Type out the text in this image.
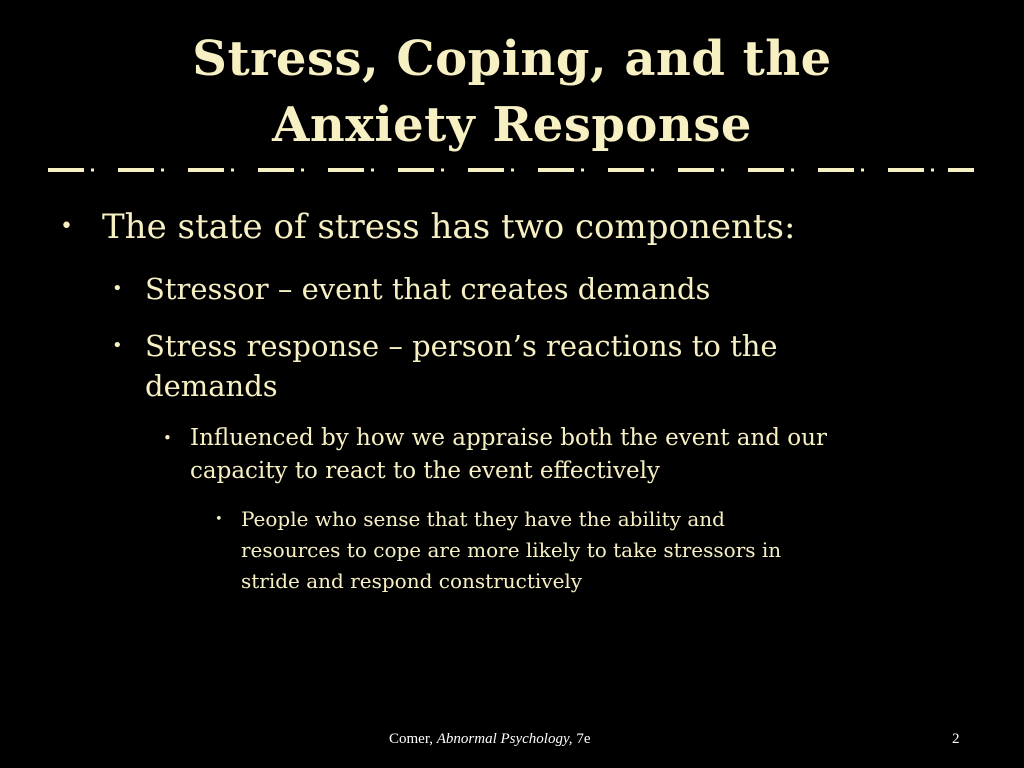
Stress, Coping, and the
Anxiety Response
• The state of stress has two components:
• Stressor – event that creates demands
• Stress response – person’s reactions to the
demands
• Influenced by how we appraise both the event and our
capacity to react to the event effectively
• People who sense that they have the ability and
resources to cope are more likely to take stressors in
stride and respond constructively
Comer, Abnormal Psychology, 7e	2
